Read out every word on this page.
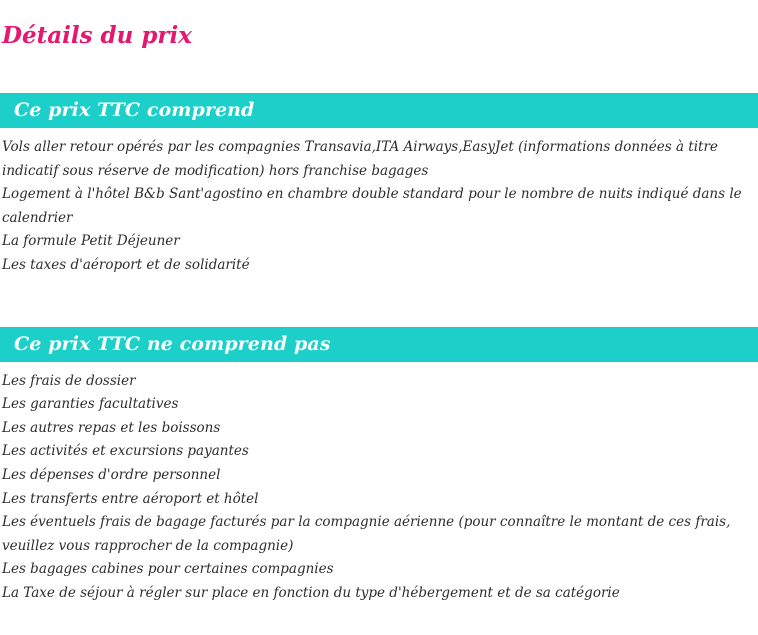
Détails du prix
Ce prix TTC comprend
Vols aller retour opérés par les compagnies Transavia,ITA Airways,EasyJet (informations données à titre indicatif sous réserve de modification) hors franchise bagages
Logement à l'hôtel B&b Sant'agostino en chambre double standard pour le nombre de nuits indiqué dans le calendrier
La formule Petit Déjeuner
Les taxes d'aéroport et de solidarité
Ce prix TTC ne comprend pas
Les frais de dossier
Les garanties facultatives
Les autres repas et les boissons
Les activités et excursions payantes
Les dépenses d'ordre personnel
Les transferts entre aéroport et hôtel
Les éventuels frais de bagage facturés par la compagnie aérienne (pour connaître le montant de ces frais, veuillez vous rapprocher de la compagnie)
Les bagages cabines pour certaines compagnies
La Taxe de séjour à régler sur place en fonction du type d'hébergement et de sa catégorie
